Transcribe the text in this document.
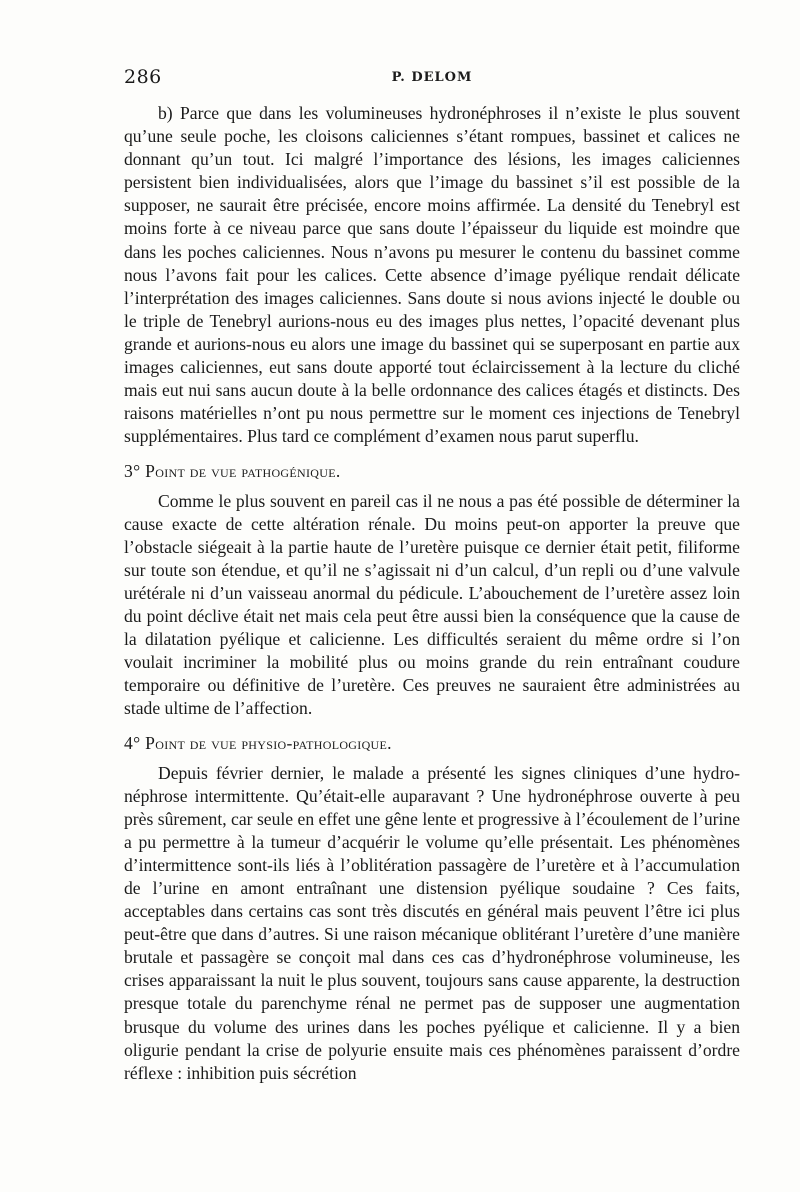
286	P. DELOM

b) Parce que dans les volumineuses hydronéphroses il n’existe le plus souvent qu’une seule poche, les cloisons caliciennes s’étant rompues, bassinet et calices ne donnant qu’un tout. Ici malgré l’importance des lésions, les images caliciennes persistent bien individualisées, alors que l’image du bassinet s’il est possible de la supposer, ne saurait être précisée, encore moins affirmée. La densité du Tenebryl est moins forte à ce niveau parce que sans doute l’épaisseur du liquide est moindre que dans les poches caliciennes. Nous n’avons pu mesurer le contenu du bassinet comme nous l’avons fait pour les calices. Cette absence d’image pyélique rendait délicate l’interprétation des images caliciennes. Sans doute si nous avions injecté le double ou le triple de Tenebryl aurions-nous eu des images plus nettes, l’opacité devenant plus grande et aurions-nous eu alors une image du bassinet qui se superposant en partie aux images caliciennes, eut sans doute apporté tout éclaircissement à la lecture du cliché mais eut nui sans aucun doute à la belle ordonnance des calices étagés et distincts. Des raisons matérielles n’ont pu nous permettre sur le moment ces injections de Tenebryl supplémentaires. Plus tard ce complément d’examen nous parut superflu.

3° Point de vue pathogénique.

Comme le plus souvent en pareil cas il ne nous a pas été possible de déterminer la cause exacte de cette altération rénale. Du moins peut-on apporter la preuve que l’obstacle siégeait à la partie haute de l’uretère puisque ce dernier était petit, filiforme sur toute son étendue, et qu’il ne s’agissait ni d’un calcul, d’un repli ou d’une valvule urétérale ni d’un vaisseau anormal du pédicule. L’abouchement de l’uretère assez loin du point déclive était net mais cela peut être aussi bien la conséquence que la cause de la dilatation pyélique et calicienne. Les difficultés seraient du même ordre si l’on voulait incriminer la mobilité plus ou moins grande du rein entraînant coudure temporaire ou définitive de l’uretère. Ces preuves ne sauraient être administrées au stade ultime de l’affection.

4° Point de vue physio-pathologique.

Depuis février dernier, le malade a présenté les signes cliniques d’une hydro-néphrose intermittente. Qu’était-elle auparavant ? Une hydronéphrose ouverte à peu près sûrement, car seule en effet une gêne lente et progressive à l’écoulement de l’urine a pu permettre à la tumeur d’acquérir le volume qu’elle présentait. Les phénomènes d’intermittence sont-ils liés à l’oblitération passagère de l’uretère et à l’accumulation de l’urine en amont entraînant une distension pyélique soudaine ? Ces faits, acceptables dans certains cas sont très discutés en général mais peuvent l’être ici plus peut-être que dans d’autres. Si une raison mécanique oblitérant l’uretère d’une manière brutale et passagère se conçoit mal dans ces cas d’hydronéphrose volumineuse, les crises apparaissant la nuit le plus souvent, toujours sans cause apparente, la destruction presque totale du parenchyme rénal ne permet pas de supposer une augmentation brusque du volume des urines dans les poches pyélique et calicienne. Il y a bien oligurie pendant la crise de polyurie ensuite mais ces phénomènes paraissent d’ordre réflexe : inhibition puis sécrétion
